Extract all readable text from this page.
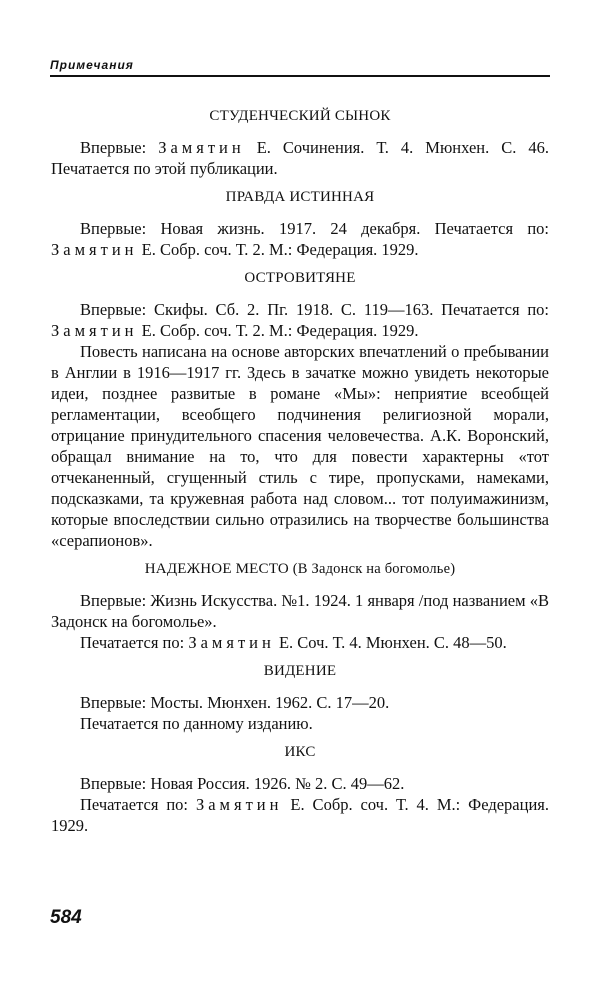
Примечания
СТУДЕНЧЕСКИЙ СЫНОК

Впервые: Замятин Е. Сочинения. Т. 4. Мюнхен. С. 46. Печатается по этой публикации.

ПРАВДА ИСТИННАЯ

Впервые: Новая жизнь. 1917. 24 декабря. Печатается по: Замятин Е. Собр. соч. Т. 2. М.: Федерация. 1929.

ОСТРОВИТЯНЕ

Впервые: Скифы. Сб. 2. Пг. 1918. С. 119—163. Печатается по: Замятин Е. Собр. соч. Т. 2. М.: Федерация. 1929.

Повесть написана на основе авторских впечатлений о пребывании в Англии в 1916—1917 гг. Здесь в зачатке можно увидеть некоторые идеи, позднее развитые в романе «Мы»: неприятие всеобщей регламентации, всеобщего подчинения религиозной морали, отрицание принудительного спасения человечества. А.К. Воронский, обращал внимание на то, что для повести характерны «тот отчеканенный, сгущенный стиль с тире, пропусками, намеками, подсказками, та кружевная работа над словом... тот полуимажинизм, которые впоследствии сильно отразились на творчестве большинства «серапионов».

НАДЕЖНОЕ МЕСТО (В Задонск на богомолье)

Впервые: Жизнь Искусства. №1. 1924. 1 января /под названием «В Задонск на богомолье».

Печатается по: Замятин Е. Соч. Т. 4. Мюнхен. С. 48—50.

ВИДЕНИЕ

Впервые: Мосты. Мюнхен. 1962. С. 17—20.

Печатается по данному изданию.

ИКС

Впервые: Новая Россия. 1926. № 2. С. 49—62.

Печатается по: Замятин Е. Собр. соч. Т. 4. М.: Федерация. 1929.

584
